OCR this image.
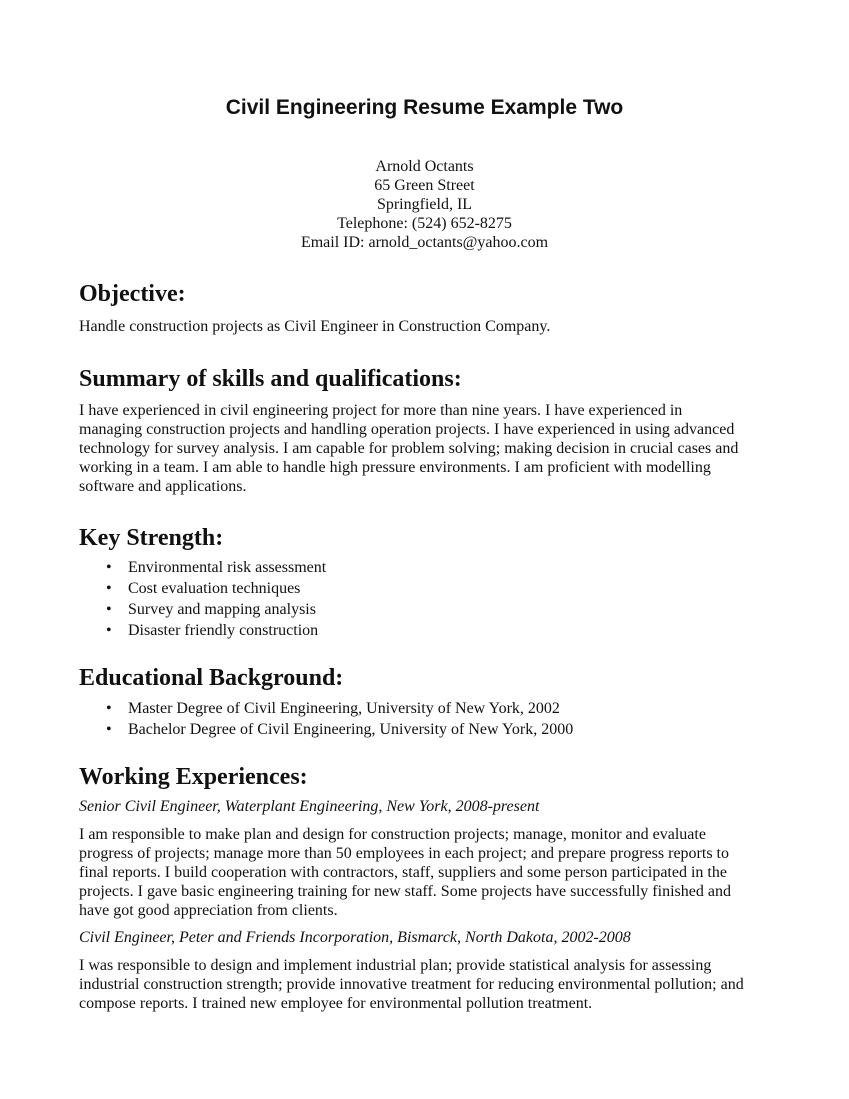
Civil Engineering Resume Example Two
Arnold Octants
65 Green Street
Springfield, IL
Telephone: (524) 652-8275
Email ID: arnold_octants@yahoo.com
Objective:

Handle construction projects as Civil Engineer in Construction Company.

Summary of skills and qualifications:

I have experienced in civil engineering project for more than nine years. I have experienced in

managing construction projects and handling operation projects. I have experienced in using advanced

technology for survey analysis. I am capable for problem solving; making decision in crucial cases and

working in a team. I am able to handle high pressure environments. I am proficient with modelling

software and applications.

Key Strength:
• Environmental risk assessment
• Cost evaluation techniques
• Survey and mapping analysis
• Disaster friendly construction
Educational Background:
• Master Degree of Civil Engineering, University of New York, 2002
• Bachelor Degree of Civil Engineering, University of New York, 2000
Working Experiences:

Senior Civil Engineer, Waterplant Engineering, New York, 2008-present

I am responsible to make plan and design for construction projects; manage, monitor and evaluate

progress of projects; manage more than 50 employees in each project; and prepare progress reports to

final reports. I build cooperation with contractors, staff, suppliers and some person participated in the

projects. I gave basic engineering training for new staff. Some projects have successfully finished and

have got good appreciation from clients.

Civil Engineer, Peter and Friends Incorporation, Bismarck, North Dakota, 2002-2008

I was responsible to design and implement industrial plan; provide statistical analysis for assessing

industrial construction strength; provide innovative treatment for reducing environmental pollution; and

compose reports. I trained new employee for environmental pollution treatment.
